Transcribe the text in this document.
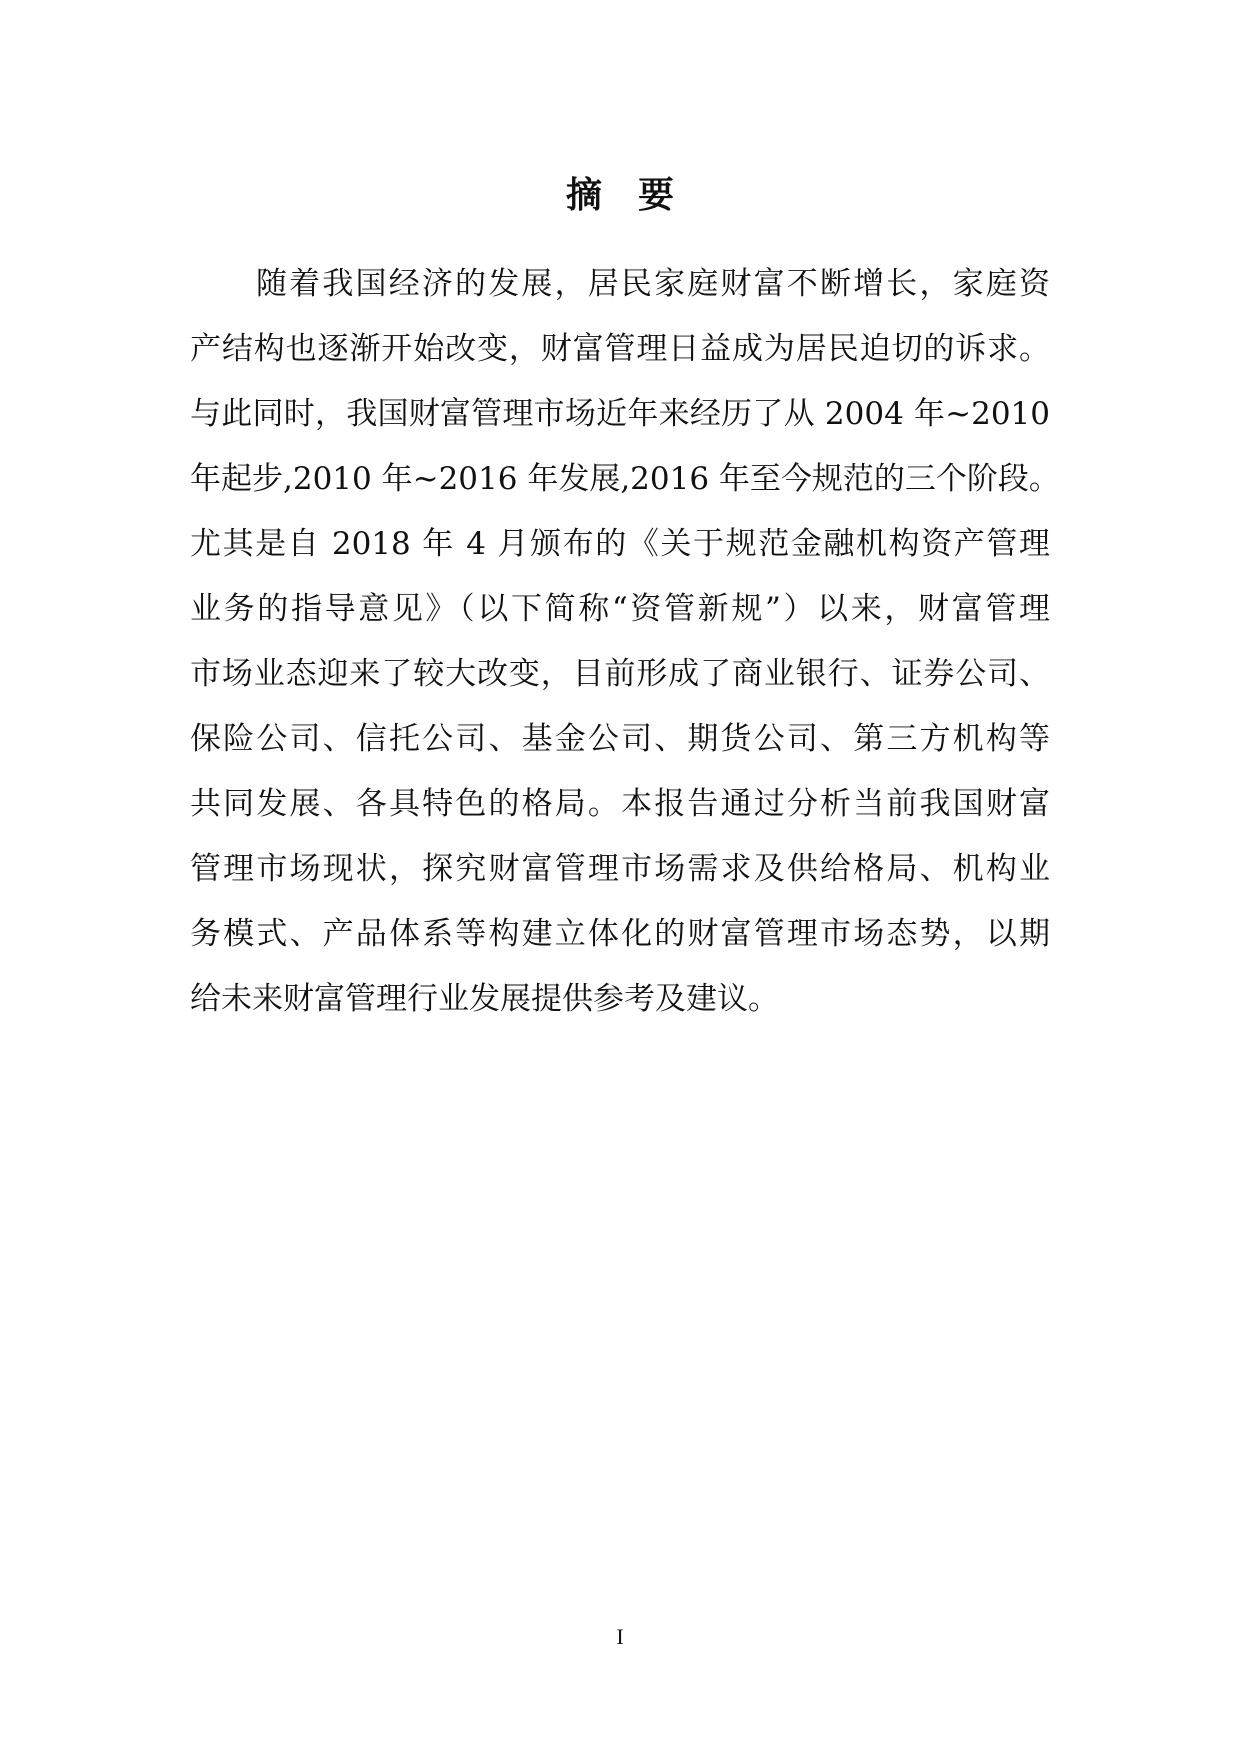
摘　要
随着我国经济的发展，居民家庭财富不断增长，家庭资
产结构也逐渐开始改变，财富管理日益成为居民迫切的诉求。
与此同时，我国财富管理市场近年来经历了从 2004 年~2010
年起步,2010 年~2016 年发展,2016 年至今规范的三个阶段。
尤其是自 2018 年 4 月颁布的《关于规范金融机构资产管理
业务的指导意见》（以下简称“资管新规”）以来，财富管理
市场业态迎来了较大改变，目前形成了商业银行、证券公司、
保险公司、信托公司、基金公司、期货公司、第三方机构等
共同发展、各具特色的格局。本报告通过分析当前我国财富
管理市场现状，探究财富管理市场需求及供给格局、机构业
务模式、产品体系等构建立体化的财富管理市场态势，以期
给未来财富管理行业发展提供参考及建议。
I
